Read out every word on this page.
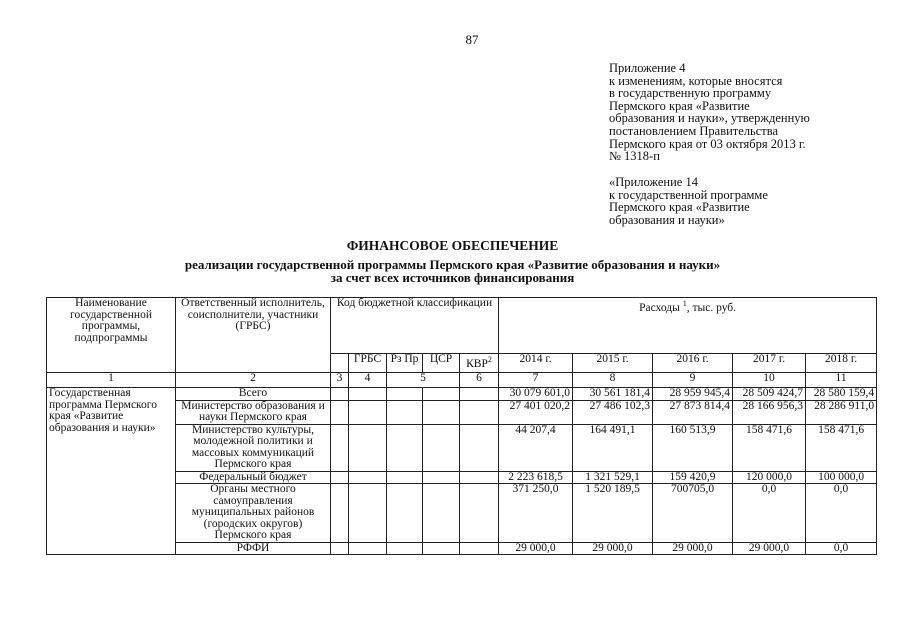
87
Приложение 4
к изменениям, которые вносятся
в государственную программу
Пермского края «Развитие
образования и науки», утвержденную
постановлением Правительства
Пермского края от 03 октября 2013 г.
№ 1318-п
«Приложение 14
к государственной программе
Пермского края «Развитие
образования и науки»
ФИНАНСОВОЕ ОБЕСПЕЧЕНИЕ
реализации государственной программы Пермского края «Развитие образования и науки»
за счет всех источников финансирования
Наименование государственной программы, подпрограммы	Ответственный исполнитель, соисполнители, участники (ГРБС)	Код бюджетной классификации					Расходы $^1$, тыс. руб.				
			ГРБС	Рз Пр	ЦСР	КВР$^2$	2014 г.	2015 г.	2016 г.	2017 г.	2018 г.
1	2	3	4	5		6	7	8	9	10	11
Государственная программа Пермского края «Развитие образования и науки»	Всего						30 079 601,0	30 561 181,4	28 959 945,4	28 509 424,7	28 580 159,4
	Министерство образования и науки Пермского края						27 401 020,2	27 486 102,3	27 873 814,4	28 166 956,3	28 286 911,0
	Министерство культуры, молодежной политики и массовых коммуникаций Пермского края						44 207,4	164 491,1	160 513,9	158 471,6	158 471,6
	Федеральный бюджет						2 223 618,5	1 321 529,1	159 420,9	120 000,0	100 000,0
	Органы местного самоуправления муниципальных районов (городских округов) Пермского края						371 250,0	1 520 189,5	700705,0	0,0	0,0
	РФФИ						29 000,0	29 000,0	29 000,0	29 000,0	0,0
